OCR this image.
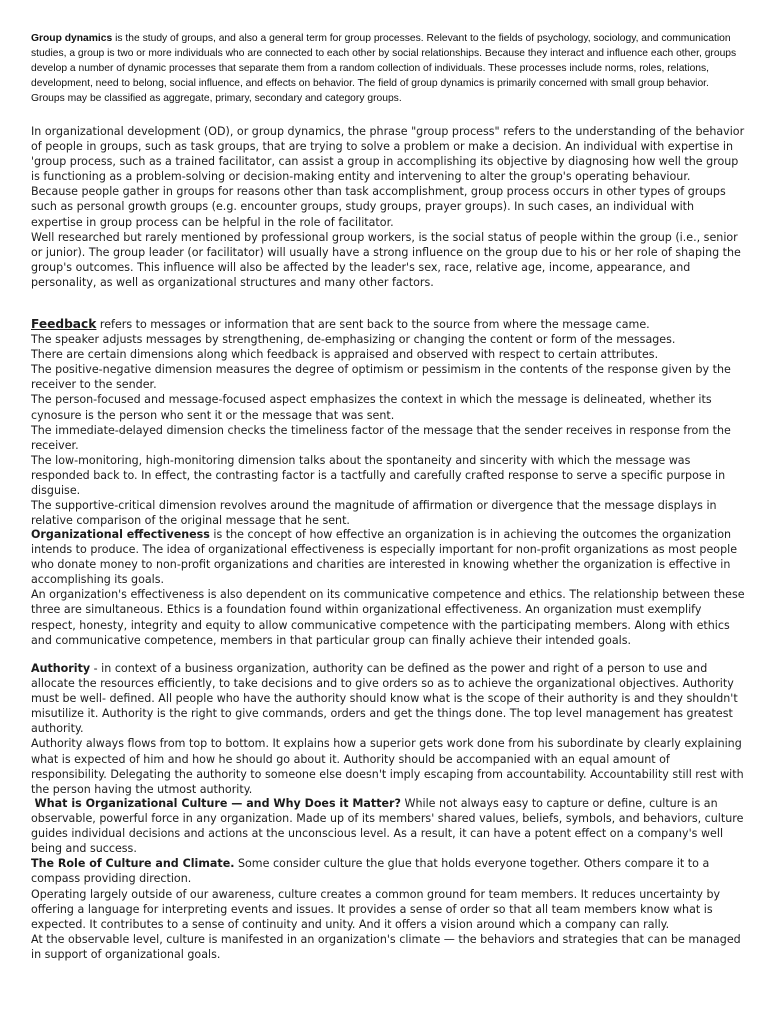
Group dynamics is the study of groups, and also a general term for group processes. Relevant to the fields of psychology, sociology, and communication studies, a group is two or more individuals who are connected to each other by social relationships. Because they interact and influence each other, groups develop a number of dynamic processes that separate them from a random collection of individuals. These processes include norms, roles, relations, development, need to belong, social influence, and effects on behavior. The field of group dynamics is primarily concerned with small group behavior. Groups may be classified as aggregate, primary, secondary and category groups.

In organizational development (OD), or group dynamics, the phrase "group process" refers to the understanding of the behavior of people in groups, such as task groups, that are trying to solve a problem or make a decision. An individual with expertise in 'group process, such as a trained facilitator, can assist a group in accomplishing its objective by diagnosing how well the group is functioning as a problem-solving or decision-making entity and intervening to alter the group's operating behaviour.

Because people gather in groups for reasons other than task accomplishment, group process occurs in other types of groups such as personal growth groups (e.g. encounter groups, study groups, prayer groups). In such cases, an individual with expertise in group process can be helpful in the role of facilitator.

Well researched but rarely mentioned by professional group workers, is the social status of people within the group (i.e., senior or junior). The group leader (or facilitator) will usually have a strong influence on the group due to his or her role of shaping the group's outcomes. This influence will also be affected by the leader's sex, race, relative age, income, appearance, and personality, as well as organizational structures and many other factors.

Feedback refers to messages or information that are sent back to the source from where the message came.

The speaker adjusts messages by strengthening, de-emphasizing or changing the content or form of the messages.

There are certain dimensions along which feedback is appraised and observed with respect to certain attributes.

The positive-negative dimension measures the degree of optimism or pessimism in the contents of the response given by the receiver to the sender.

The person-focused and message-focused aspect emphasizes the context in which the message is delineated, whether its cynosure is the person who sent it or the message that was sent.

The immediate-delayed dimension checks the timeliness factor of the message that the sender receives in response from the receiver.

The low-monitoring, high-monitoring dimension talks about the spontaneity and sincerity with which the message was responded back to. In effect, the contrasting factor is a tactfully and carefully crafted response to serve a specific purpose in disguise.

The supportive-critical dimension revolves around the magnitude of affirmation or divergence that the message displays in relative comparison of the original message that he sent.

Organizational effectiveness is the concept of how effective an organization is in achieving the outcomes the organization intends to produce. The idea of organizational effectiveness is especially important for non-profit organizations as most people who donate money to non-profit organizations and charities are interested in knowing whether the organization is effective in accomplishing its goals.

An organization's effectiveness is also dependent on its communicative competence and ethics. The relationship between these three are simultaneous. Ethics is a foundation found within organizational effectiveness. An organization must exemplify respect, honesty, integrity and equity to allow communicative competence with the participating members. Along with ethics and communicative competence, members in that particular group can finally achieve their intended goals.

Authority - in context of a business organization, authority can be defined as the power and right of a person to use and allocate the resources efficiently, to take decisions and to give orders so as to achieve the organizational objectives. Authority must be well- defined. All people who have the authority should know what is the scope of their authority is and they shouldn't misutilize it. Authority is the right to give commands, orders and get the things done. The top level management has greatest authority.

Authority always flows from top to bottom. It explains how a superior gets work done from his subordinate by clearly explaining what is expected of him and how he should go about it. Authority should be accompanied with an equal amount of responsibility. Delegating the authority to someone else doesn't imply escaping from accountability. Accountability still rest with the person having the utmost authority.

What is Organizational Culture — and Why Does it Matter? While not always easy to capture or define, culture is an observable, powerful force in any organization. Made up of its members' shared values, beliefs, symbols, and behaviors, culture guides individual decisions and actions at the unconscious level. As a result, it can have a potent effect on a company's well being and success.

The Role of Culture and Climate. Some consider culture the glue that holds everyone together. Others compare it to a compass providing direction.

Operating largely outside of our awareness, culture creates a common ground for team members. It reduces uncertainty by offering a language for interpreting events and issues. It provides a sense of order so that all team members know what is expected. It contributes to a sense of continuity and unity. And it offers a vision around which a company can rally.

At the observable level, culture is manifested in an organization's climate — the behaviors and strategies that can be managed in support of organizational goals.
